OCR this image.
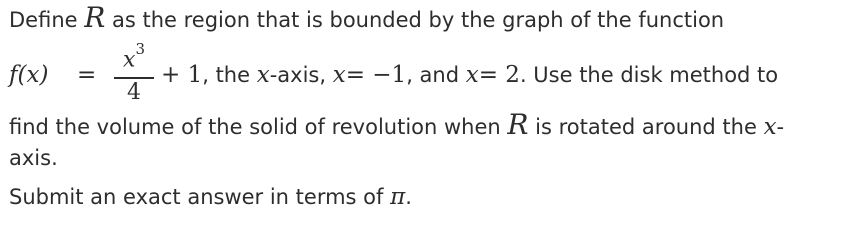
Define R as the region that is bounded by the graph of the function
f(x) =
$x^3$
4
+ 1, the x-axis, x= −1, and x= 2. Use the disk method to
find the volume of the solid of revolution when R is rotated around the x-
axis.
Submit an exact answer in terms of π.
